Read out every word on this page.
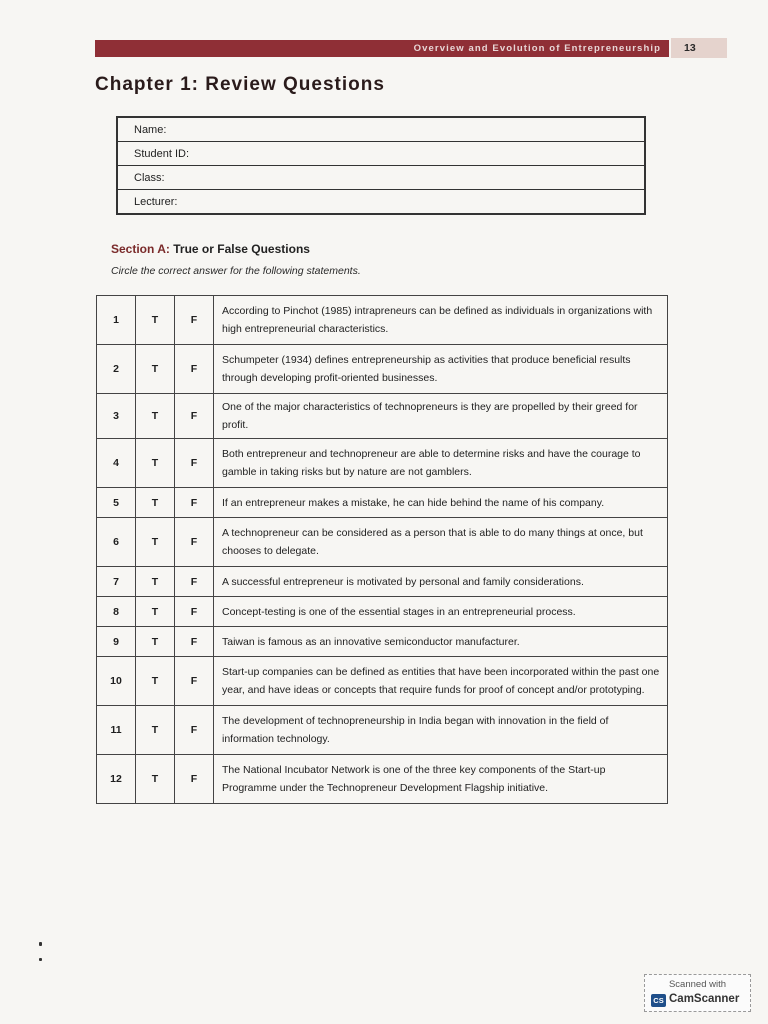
Overview and Evolution of Entrepreneurship	13
Chapter 1: Review Questions
Name:
Student ID:
Class:
Lecturer:
Section A: True or False Questions

Circle the correct answer for the following statements.

1	T	F	According to Pinchot (1985) intrapreneurs can be defined as individuals in organizations with high entrepreneurial characteristics.
2	T	F	Schumpeter (1934) defines entrepreneurship as activities that produce beneficial results through developing profit-oriented businesses.
3	T	F	One of the major characteristics of technopreneurs is they are propelled by their greed for profit.
4	T	F	Both entrepreneur and technopreneur are able to determine risks and have the courage to gamble in taking risks but by nature are not gamblers.
5	T	F	If an entrepreneur makes a mistake, he can hide behind the name of his company.
6	T	F	A technopreneur can be considered as a person that is able to do many things at once, but chooses to delegate.
7	T	F	A successful entrepreneur is motivated by personal and family considerations.
8	T	F	Concept-testing is one of the essential stages in an entrepreneurial process.
9	T	F	Taiwan is famous as an innovative semiconductor manufacturer.
10	T	F	Start-up companies can be defined as entities that have been incorporated within the past one year, and have ideas or concepts that require funds for proof of concept and/or prototyping.
11	T	F	The development of technopreneurship in India began with innovation in the field of information technology.
12	T	F	The National Incubator Network is one of the three key components of the Start-up Programme under the Technopreneur Development Flagship initiative.
Scanned with
CS CamScanner
